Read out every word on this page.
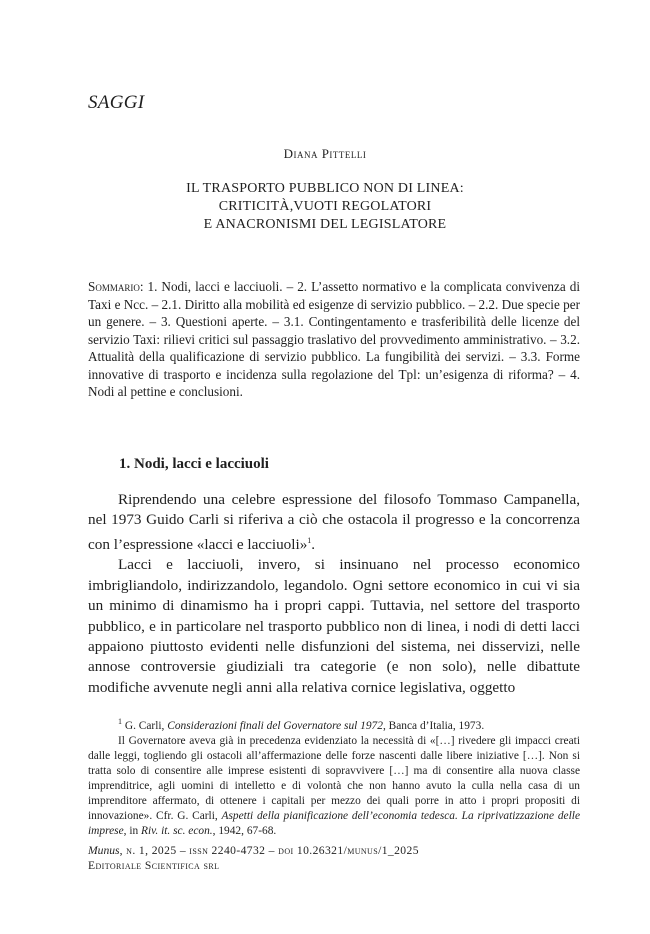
SAGGI
Diana Pittelli
IL TRASPORTO PUBBLICO NON DI LINEA:
CRITICITÀ,VUOTI REGOLATORI
E ANACRONISMI DEL LEGISLATORE
Sommario: 1. Nodi, lacci e lacciuoli. – 2. L’assetto normativo e la complicata convivenza di Taxi e Ncc. – 2.1. Diritto alla mobilità ed esigenze di servizio pubblico. – 2.2. Due specie per un genere. – 3. Questioni aperte. – 3.1. Contingentamento e trasferibilità delle licenze del servizio Taxi: rilievi critici sul passaggio traslativo del provvedimento amministrativo. – 3.2. Attualità della qualificazione di servizio pubblico. La fungibilità dei servizi. – 3.3. Forme innovative di trasporto e incidenza sulla regolazione del Tpl: un’esigenza di riforma? – 4. Nodi al pettine e conclusioni.
1. Nodi, lacci e lacciuoli

Riprendendo una celebre espressione del filosofo Tommaso Campanella, nel 1973 Guido Carli si riferiva a ciò che ostacola il progresso e la concorrenza con l’espressione «lacci e lacciuoli»$^1$.

Lacci e lacciuoli, invero, si insinuano nel processo economico imbrigliandolo, indirizzandolo, legandolo. Ogni settore economico in cui vi sia un minimo di dinamismo ha i propri cappi. Tuttavia, nel settore del trasporto pubblico, e in particolare nel trasporto pubblico non di linea, i nodi di detti lacci appaiono piuttosto evidenti nelle disfunzioni del sistema, nei disservizi, nelle annose controversie giudiziali tra categorie (e non solo), nelle dibattute modifiche avvenute negli anni alla relativa cornice legislativa, oggetto

$^1$ G. Carli, Considerazioni finali del Governatore sul 1972, Banca d’Italia, 1973.

Il Governatore aveva già in precedenza evidenziato la necessità di «[…] rivedere gli impacci creati dalle leggi, togliendo gli ostacoli all’affermazione delle forze nascenti dalle libere iniziative […]. Non si tratta solo di consentire alle imprese esistenti di sopravvivere […] ma di consentire alla nuova classe imprenditrice, agli uomini di intelletto e di volontà che non hanno avuto la culla nella casa di un imprenditore affermato, di ottenere i capitali per mezzo dei quali porre in atto i propri propositi di innovazione». Cfr. G. Carli, Aspetti della pianificazione dell’economia tedesca. La riprivatizzazione delle imprese, in Riv. it. sc. econ., 1942, 67-68.

Munus, n. 1, 2025 – issn 2240-4732 – doi 10.26321/munus/1_2025
Editoriale Scientifica srl
